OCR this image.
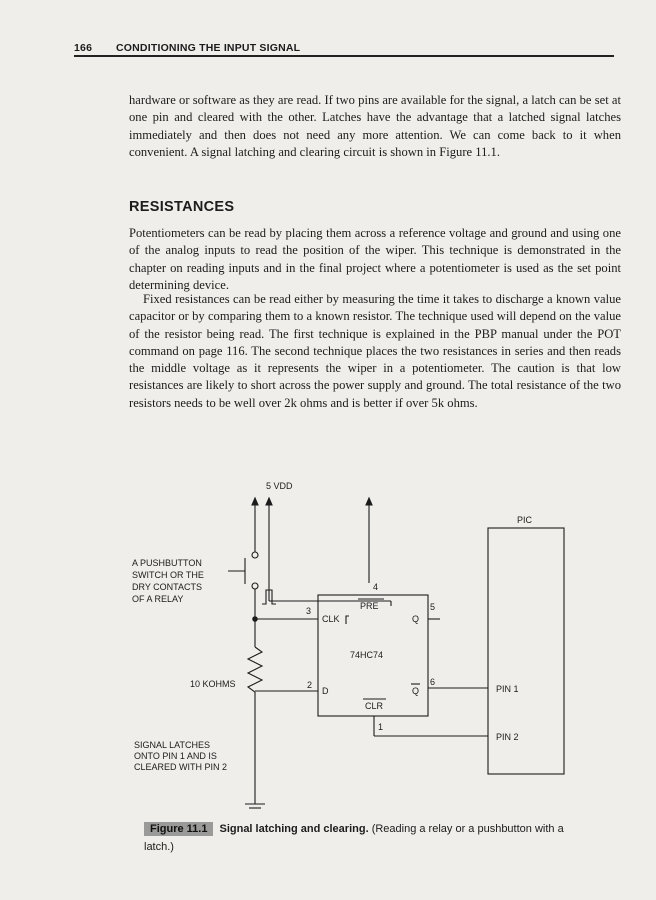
166 CONDITIONING THE INPUT SIGNAL

hardware or software as they are read. If two pins are available for the signal, a latch can be set at one pin and cleared with the other. Latches have the advantage that a latched signal latches immediately and then does not need any more attention. We can come back to it when convenient. A signal latching and clearing circuit is shown in Figure 11.1.

RESISTANCES

Potentiometers can be read by placing them across a reference voltage and ground and using one of the analog inputs to read the position of the wiper. This technique is demonstrated in the chapter on reading inputs and in the final project where a potentiometer is used as the set point determining device.

Fixed resistances can be read either by measuring the time it takes to discharge a known value capacitor or by comparing them to a known resistor. The technique used will depend on the value of the resistor being read. The first technique is explained in the PBP manual under the POT command on page 116. The second technique places the two resistances in series and then reads the middle voltage as it represents the wiper in a potentiometer. The caution is that low resistances are likely to short across the power supply and ground. The total resistance of the two resistors needs to be well over 2k ohms and is better if over 5k ohms.

5 VDD
4
A PUSHBUTTON
SWITCH OR THE
DRY CONTACTS
OF A RELAY
3
10 KOHMS	2
SIGNAL LATCHES
ONTO PIN 1 AND IS
CLEARED WITH PIN 2
PRE
CLK	Q
74HC74
D	Q
CLR
5
6
1
PIC
PIN 1
PIN 2
Figure 11.1 Signal latching and clearing. (Reading a relay or a pushbutton with a latch.)
